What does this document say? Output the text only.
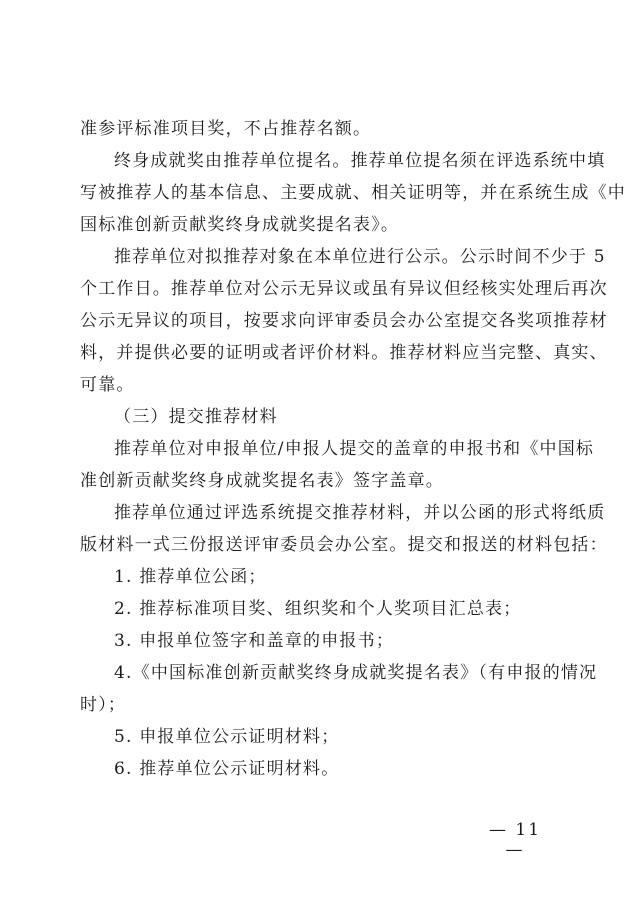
准参评标准项目奖，不占推荐名额。
终身成就奖由推荐单位提名。推荐单位提名须在评选系统中填
写被推荐人的基本信息、主要成就、相关证明等，并在系统生成《中
国标准创新贡献奖终身成就奖提名表》。
推荐单位对拟推荐对象在本单位进行公示。公示时间不少于 5
个工作日。推荐单位对公示无异议或虽有异议但经核实处理后再次
公示无异议的项目，按要求向评审委员会办公室提交各奖项推荐材
料，并提供必要的证明或者评价材料。推荐材料应当完整、真实、
可靠。
（三）提交推荐材料
推荐单位对申报单位/申报人提交的盖章的申报书和《中国标
准创新贡献奖终身成就奖提名表》签字盖章。
推荐单位通过评选系统提交推荐材料，并以公函的形式将纸质
版材料一式三份报送评审委员会办公室。提交和报送的材料包括：
1. 推荐单位公函；
2. 推荐标准项目奖、组织奖和个人奖项目汇总表；
3. 申报单位签字和盖章的申报书；
4.《中国标准创新贡献奖终身成就奖提名表》（有申报的情况
时）；
5. 申报单位公示证明材料；
6. 推荐单位公示证明材料。
— 11 —
